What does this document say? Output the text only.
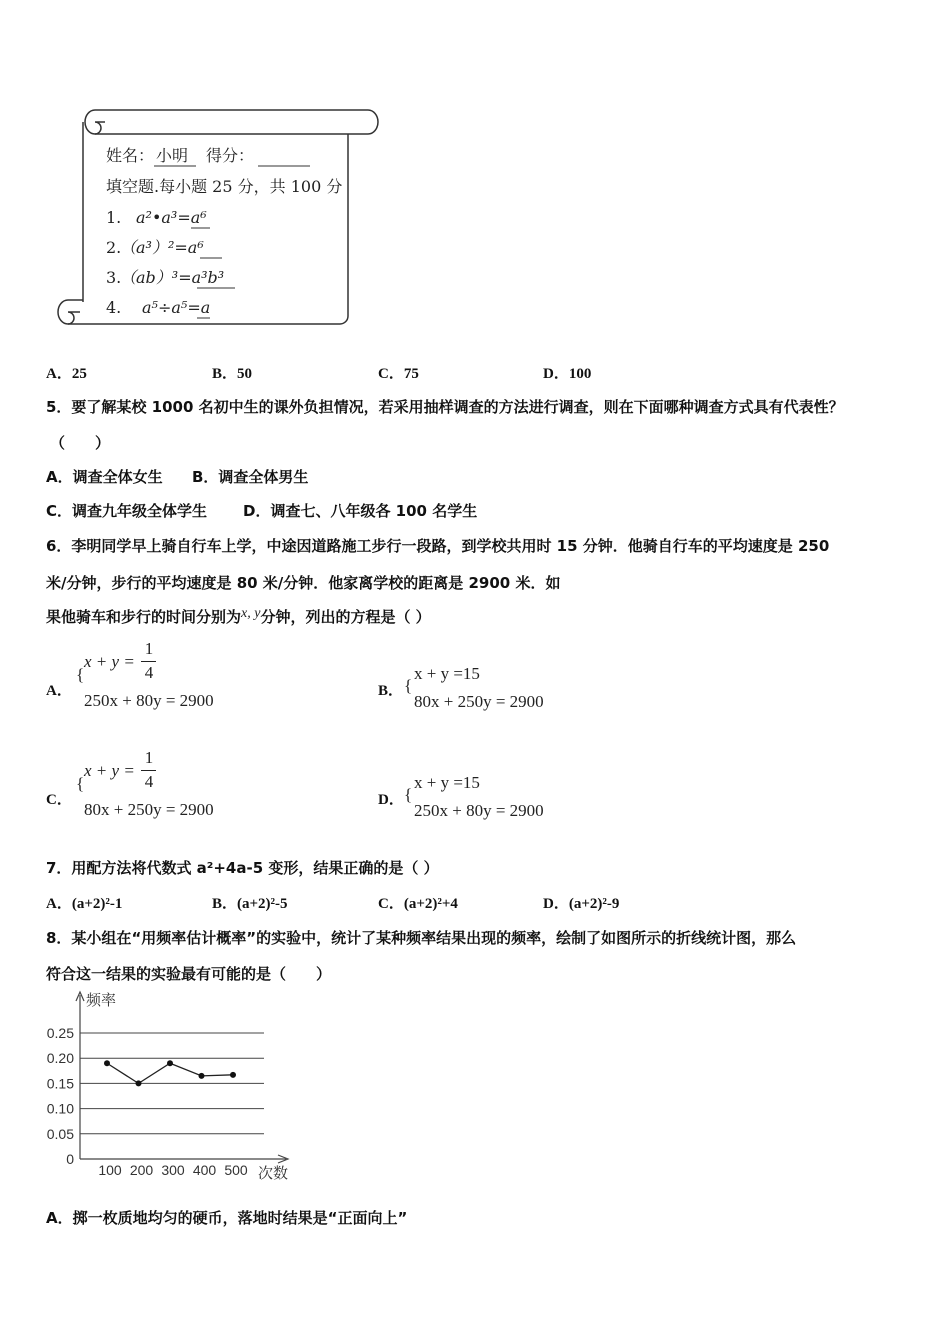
姓名： 小明 得分：
填空题.每小题 25 分，共 100 分
1. a²•a³=a⁶
2.
（a³）²=a⁶
3.
（ab）³=a³b³
4. a⁵÷a⁵=a
A．25	B．50	C．75	D．100
5．要了解某校 1000 名初中生的课外负担情况，若采用抽样调查的方法进行调查，则在下面哪种调查方式具有代表性？
（　　）
A．调查全体女生 B．调查全体男生
C．调查九年级全体学生 D．调查七、八年级各 100 名学生
6．李明同学早上骑自行车上学，中途因道路施工步行一段路，到学校共用时 15 分钟．他骑自行车的平均速度是 250
米/分钟，步行的平均速度是 80 米/分钟．他家离学校的距离是 2900 米．如
果他骑车和步行的时间分别为x, y分钟，列出的方程是（ ）
A．
{
x + y =
1
4
250x + 80y = 2900	B． {
x + y =15
80x + 250y = 2900
C．
{
x + y =
1
4
80x + 250y = 2900	D． {
x + y =15
250x + 80y = 2900
7．用配方法将代数式 a²+4a-5 变形，结果正确的是（ ）
A．(a+2)²-1	B．(a+2)²-5	C．(a+2)²+4	D．(a+2)²-9
8．某小组在“用频率估计概率”的实验中，统计了某种频率结果出现的频率，绘制了如图所示的折线统计图，那么
符合这一结果的实验最有可能的是（　　）
频率
次数
0.25
0.20
0.15
0.10
0.05
0
100 200 300 400 500
A．掷一枚质地均匀的硬币，落地时结果是“正面向上”
